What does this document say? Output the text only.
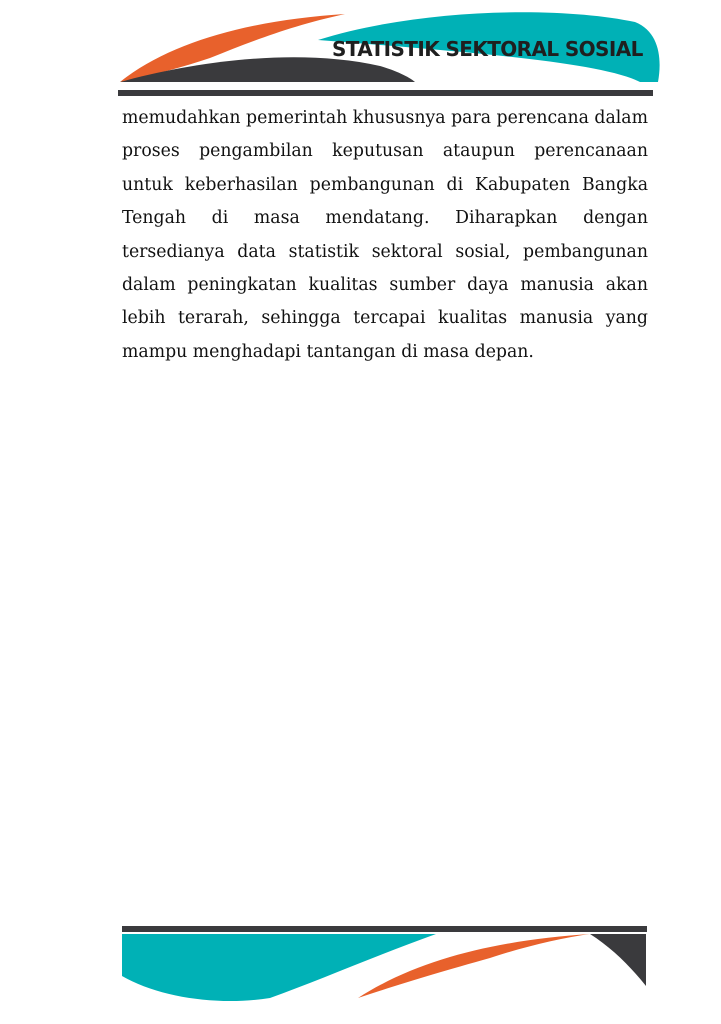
STATISTIK SEKTORAL SOSIAL

memudahkan pemerintah khususnya para perencana dalam proses pengambilan keputusan ataupun perencanaan untuk keberhasilan pembangunan di Kabupaten Bangka Tengah di masa mendatang. Diharapkan dengan tersedianya data statistik sektoral sosial, pembangunan dalam peningkatan kualitas sumber daya manusia akan lebih terarah, sehingga tercapai kualitas manusia yang mampu menghadapi tantangan di masa depan.
